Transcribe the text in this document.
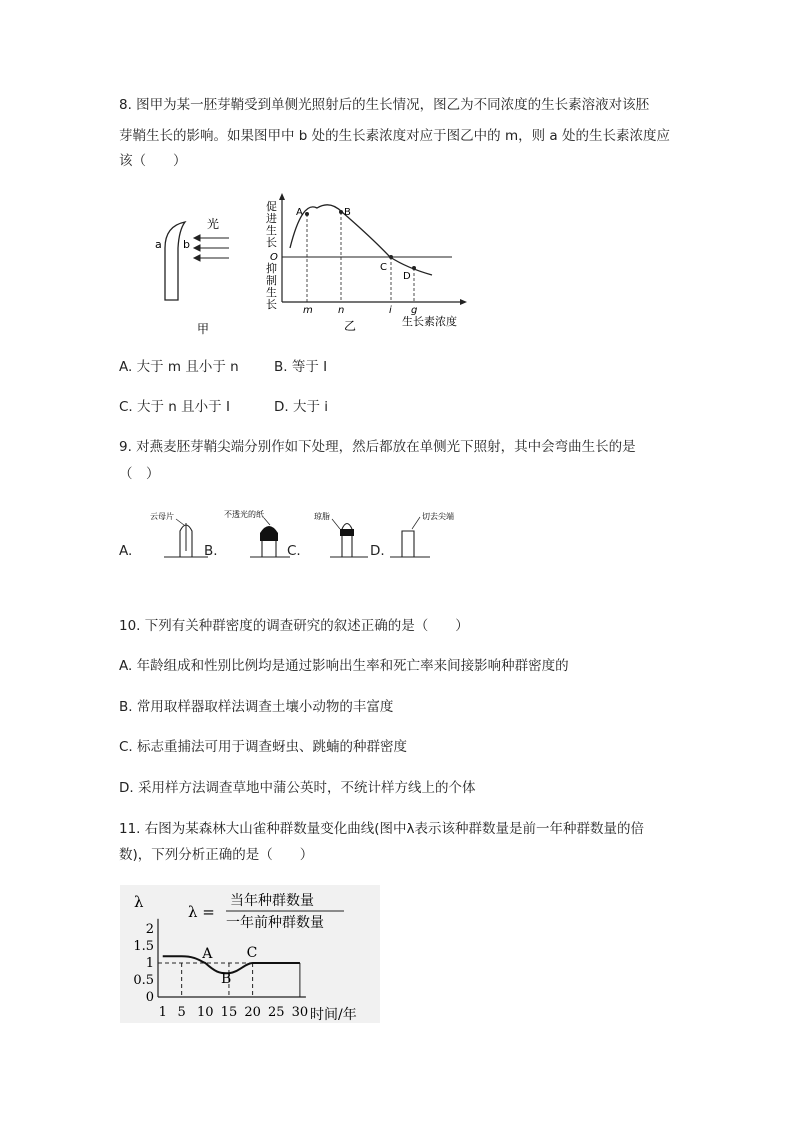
8. 图甲为某一胚芽鞘受到单侧光照射后的生长情况，图乙为不同浓度的生长素溶液对该胚
芽鞘生长的影响。如果图甲中 b 处的生长素浓度对应于图乙中的 m，则 a 处的生长素浓度应
该（　　）
a b
光
甲
促
进
生
长
抑
制
生
长
O
A	B
C
D
m	n	i g
生长素浓度
乙
A. 大于 m 且小于 n	B. 等于 I
C. 大于 n 且小于 I	D. 大于 i
9. 对燕麦胚芽鞘尖端分别作如下处理，然后都放在单侧光下照射，其中会弯曲生长的是
（　）
A.	B.	C.	D.
云母片	不透光的纸	琼脂	切去尖端
10. 下列有关种群密度的调查研究的叙述正确的是（　　）
A. 年龄组成和性别比例均是通过影响出生率和死亡率来间接影响种群密度的
B. 常用取样器取样法调查土壤小动物的丰富度
C. 标志重捕法可用于调查蚜虫、跳蝻的种群密度
D. 采用样方法调查草地中蒲公英时，不统计样方线上的个体
11. 右图为某森林大山雀种群数量变化曲线(图中λ表示该种群数量是前一年种群数量的倍
数)，下列分析正确的是（　　）
λ
λ =
当年种群数量
一年前种群数量
0
0.5
1
1.5
2
1 5 10 15 20 25 30
A
B
C
时间/年
